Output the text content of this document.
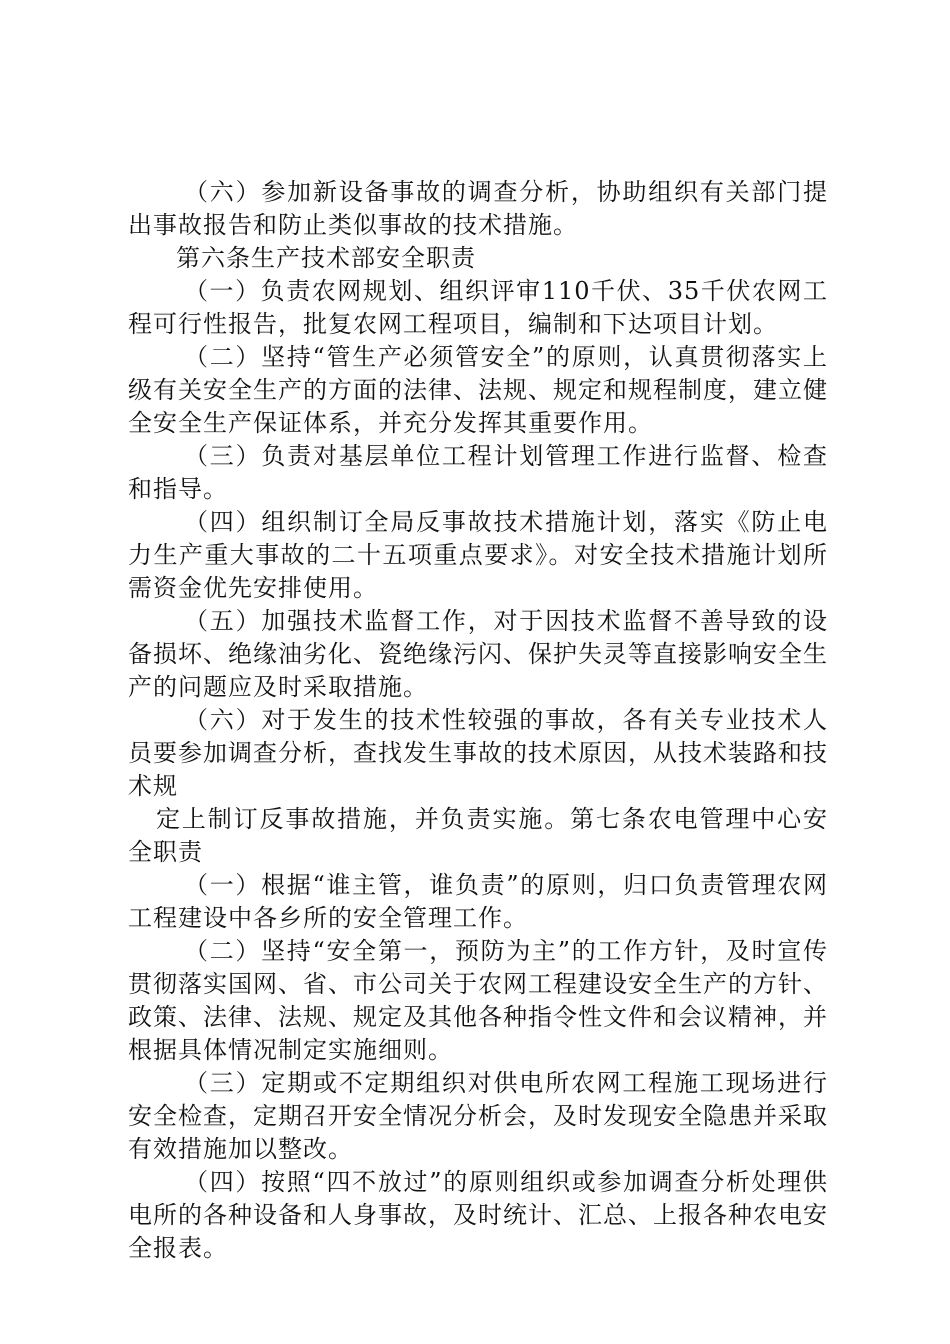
（六）参加新设备事故的调查分析，协助组织有关部门提出事故报告和防止类似事故的技术措施。

第六条生产技术部安全职责

（一）负责农网规划、组织评审110千伏、35千伏农网工程可行性报告，批复农网工程项目，编制和下达项目计划。

（二）坚持“管生产必须管安全”的原则，认真贯彻落实上级有关安全生产的方面的法律、法规、规定和规程制度，建立健全安全生产保证体系，并充分发挥其重要作用。

（三）负责对基层单位工程计划管理工作进行监督、检查和指导。

（四）组织制订全局反事故技术措施计划，落实《防止电力生产重大事故的二十五项重点要求》。对安全技术措施计划所需资金优先安排使用。

（五）加强技术监督工作，对于因技术监督不善导致的设备损坏、绝缘油劣化、瓷绝缘污闪、保护失灵等直接影响安全生产的问题应及时采取措施。

（六）对于发生的技术性较强的事故，各有关专业技术人员要参加调查分析，查找发生事故的技术原因，从技术装路和技术规

定上制订反事故措施，并负责实施。第七条农电管理中心安全职责

（一）根据“谁主管，谁负责”的原则，归口负责管理农网工程建设中各乡所的安全管理工作。

（二）坚持“安全第一，预防为主”的工作方针，及时宣传贯彻落实国网、省、市公司关于农网工程建设安全生产的方针、政策、法律、法规、规定及其他各种指令性文件和会议精神，并根据具体情况制定实施细则。

（三）定期或不定期组织对供电所农网工程施工现场进行安全检查，定期召开安全情况分析会，及时发现安全隐患并采取有效措施加以整改。

（四）按照“四不放过”的原则组织或参加调查分析处理供电所的各种设备和人身事故，及时统计、汇总、上报各种农电安全报表。
